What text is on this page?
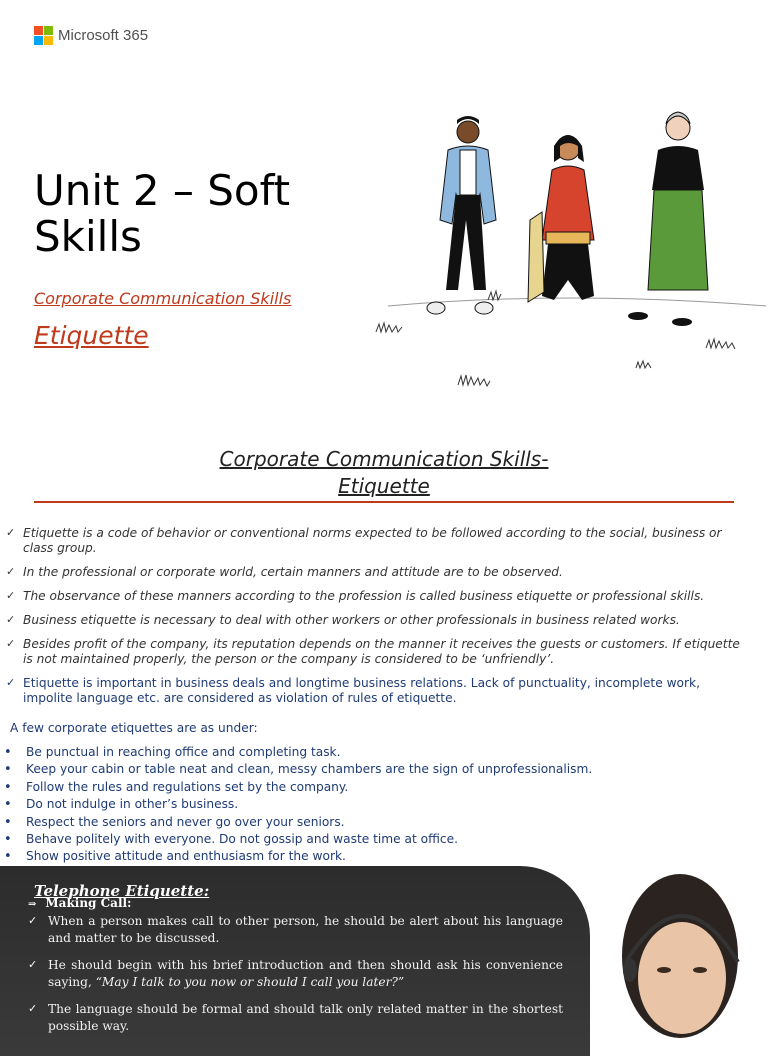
Microsoft 365
Unit 2 – Soft Skills
Corporate Communication Skills
Etiquette
Corporate Communication Skills-
Etiquette
✓ Etiquette is a code of behavior or conventional norms expected to be followed according to the social, business or class group.
✓ In the professional or corporate world, certain manners and attitude are to be observed.
✓ The observance of these manners according to the profession is called business etiquette or professional skills.
✓ Business etiquette is necessary to deal with other workers or other professionals in business related works.
✓ Besides profit of the company, its reputation depends on the manner it receives the guests or customers. If etiquette is not maintained properly, the person or the company is considered to be ‘unfriendly’.
✓ Etiquette is important in business deals and longtime business relations. Lack of punctuality, incomplete work, impolite language etc. are considered as violation of rules of etiquette.
A few corporate etiquettes are as under:
• Be punctual in reaching office and completing task.
• Keep your cabin or table neat and clean, messy chambers are the sign of unprofessionalism.
• Follow the rules and regulations set by the company.
• Do not indulge in other’s business.
• Respect the seniors and never go over your seniors.
• Behave politely with everyone. Do not gossip and waste time at office.
• Show positive attitude and enthusiasm for the work.
Telephone Etiquette:
⇒ Making Call:
✓ When a person makes call to other person, he should be alert about his language and matter to be discussed.
✓ He should begin with his brief introduction and then should ask his convenience saying, “May I talk to you now or should I call you later?”
✓ The language should be formal and should talk only related matter in the shortest possible way.
